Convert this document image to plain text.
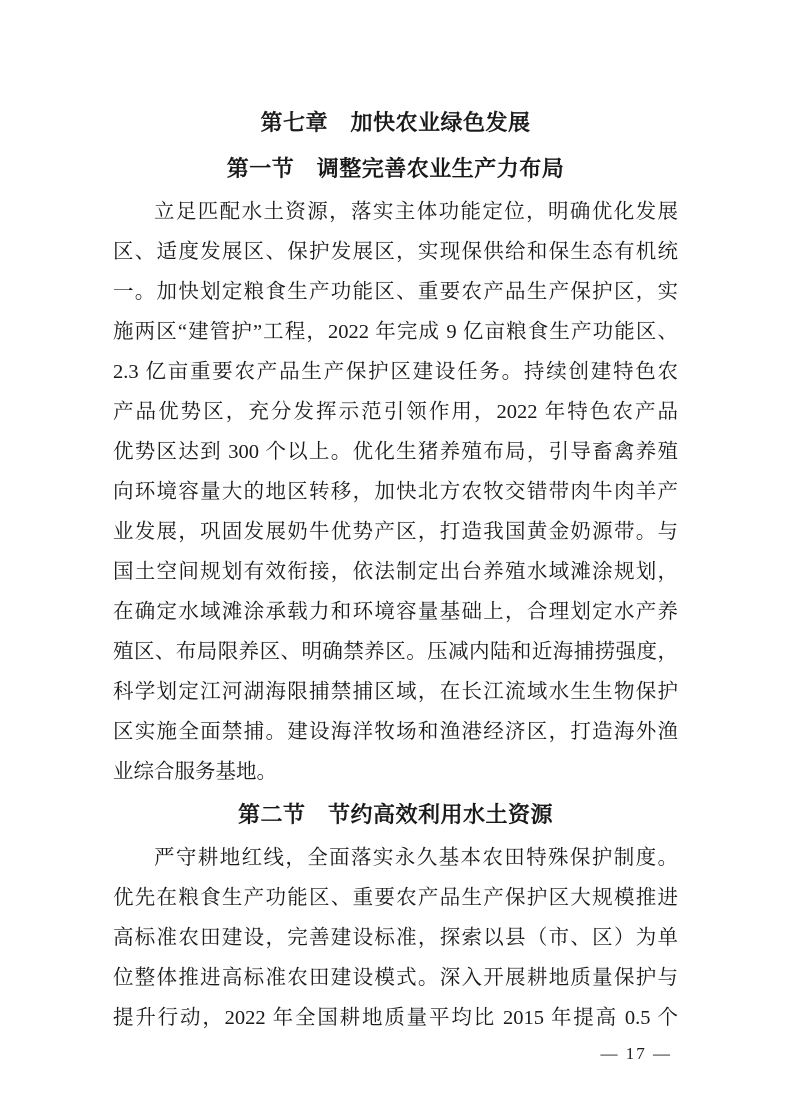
第七章　加快农业绿色发展
第一节　调整完善农业生产力布局
立足匹配水土资源，落实主体功能定位，明确优化发展
区、适度发展区、保护发展区，实现保供给和保生态有机统
一。加快划定粮食生产功能区、重要农产品生产保护区，实
施两区“建管护”工程，2022 年完成 9 亿亩粮食生产功能区、
2.3 亿亩重要农产品生产保护区建设任务。持续创建特色农
产品优势区，充分发挥示范引领作用，2022 年特色农产品
优势区达到 300 个以上。优化生猪养殖布局，引导畜禽养殖
向环境容量大的地区转移，加快北方农牧交错带肉牛肉羊产
业发展，巩固发展奶牛优势产区，打造我国黄金奶源带。与
国土空间规划有效衔接，依法制定出台养殖水域滩涂规划，
在确定水域滩涂承载力和环境容量基础上，合理划定水产养
殖区、布局限养区、明确禁养区。压减内陆和近海捕捞强度，
科学划定江河湖海限捕禁捕区域，在长江流域水生生物保护
区实施全面禁捕。建设海洋牧场和渔港经济区，打造海外渔
业综合服务基地。
第二节　节约高效利用水土资源
严守耕地红线，全面落实永久基本农田特殊保护制度。
优先在粮食生产功能区、重要农产品生产保护区大规模推进
高标准农田建设，完善建设标准，探索以县（市、区）为单
位整体推进高标准农田建设模式。深入开展耕地质量保护与
提升行动，2022 年全国耕地质量平均比 2015 年提高 0.5 个
— 17 —
